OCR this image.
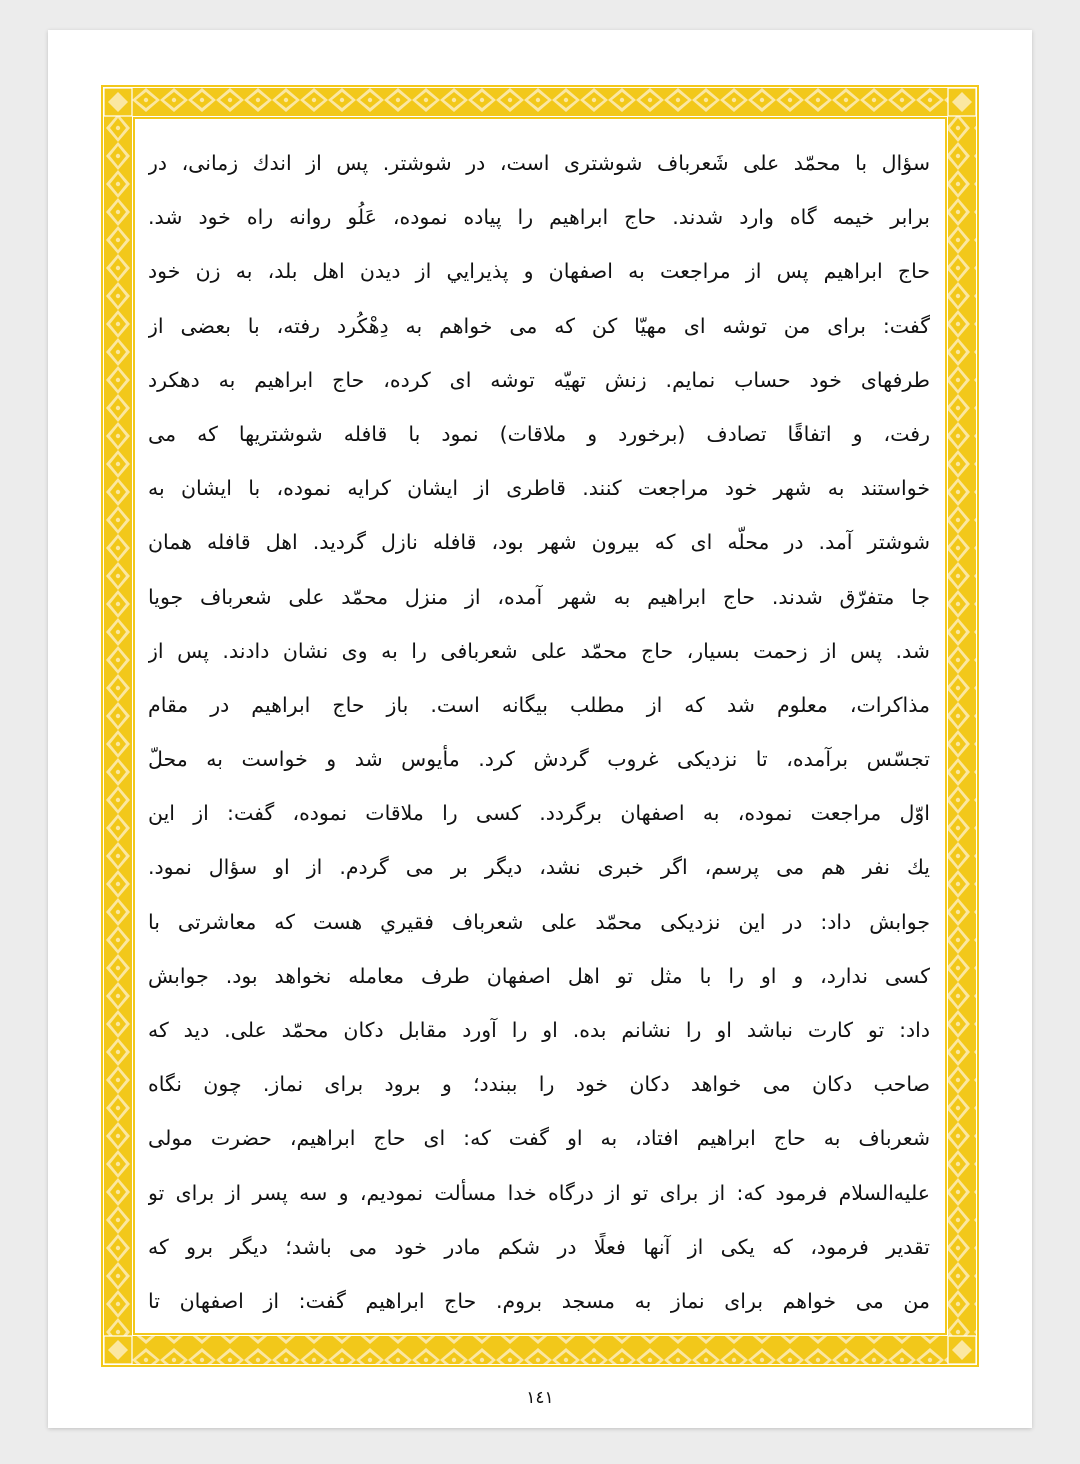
سؤال با محمّد علی شَعرباف شوشتری است، در شوشتر. پس از اندك زمانی، در
برابر خیمه گاه وارد شدند. حاج ابراهیم را پیاده نموده، عَلُو روانه راه خود شد.
حاج ابراهیم پس از مراجعت به اصفهان و پذیرایي از دیدن اهل بلد، به زن خود
گفت: برای من توشه ای مهیّا کن که می خواهم به دِهْکُرد رفته، با بعضی از
طرفهای خود حساب نمایم. زنش تهیّه توشه ای کرده، حاج ابراهیم به دهکرد
رفت، و اتفاقًا تصادف (برخورد و ملاقات) نمود با قافله شوشتریها که می
خواستند به شهر خود مراجعت کنند. قاطری از ایشان کرایه نموده، با ایشان به
شوشتر آمد. در محلّه ای که بیرون شهر بود، قافله نازل گردید. اهل قافله همان
جا متفرّق شدند. حاج ابراهیم به شهر آمده، از منزل محمّد علی شعرباف جویا
شد. پس از زحمت بسیار، حاج محمّد علی شعربافی را به وی نشان دادند. پس از
مذاکرات، معلوم شد که از مطلب بیگانه است. باز حاج ابراهیم در مقام
تجسّس برآمده، تا نزدیکی غروب گردش کرد. مأیوس شد و خواست به محلّ
اوّل مراجعت نموده، به اصفهان برگردد. کسی را ملاقات نموده، گفت: از این
یك نفر هم می پرسم، اگر خبری نشد، دیگر بر می گردم. از او سؤال نمود.
جوابش داد: در این نزدیکی محمّد علی شعرباف فقیري هست که معاشرتی با
کسی ندارد، و او را با مثل تو اهل اصفهان طرف معامله نخواهد بود. جوابش
داد: تو کارت نباشد او را نشانم بده. او را آورد مقابل دکان محمّد علی. دید که
صاحب دکان می خواهد دکان خود را ببندد؛ و برود برای نماز. چون نگاه
شعرباف به حاج ابراهیم افتاد، به او گفت که: ای حاج ابراهیم، حضرت مولی
علیه‌السلام فرمود که: از برای تو از درگاه خدا مسألت نمودیم، و سه پسر از برای تو
تقدیر فرمود، که یکی از آنها فعلًا در شکم مادر خود می باشد؛ دیگر برو که
من می خواهم برای نماز به مسجد بروم. حاج ابراهیم گفت: از اصفهان تا
١٤١
